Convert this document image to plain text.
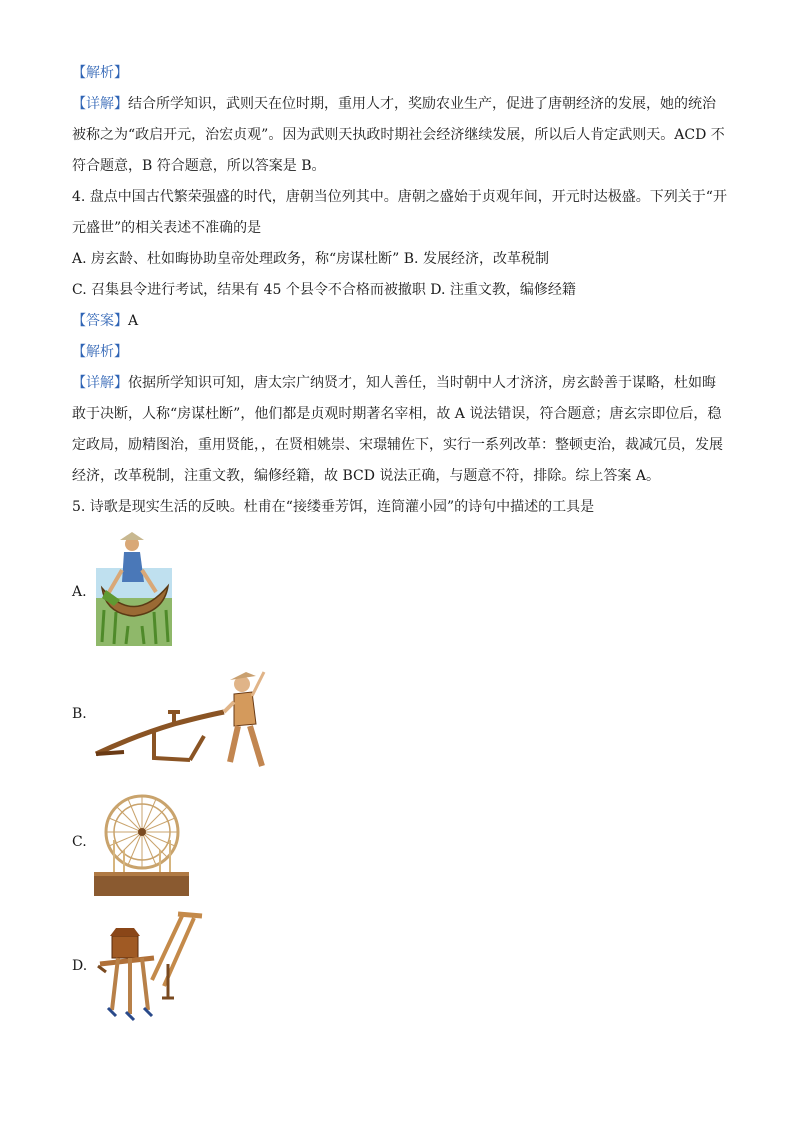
【解析】
【详解】结合所学知识，武则天在位时期，重用人才，奖励农业生产，促进了唐朝经济的发展，她的统治
被称之为“政启开元，治宏贞观”。因为武则天执政时期社会经济继续发展，所以后人肯定武则天。ACD 不
符合题意，B 符合题意，所以答案是 B。
4. 盘点中国古代繁荣强盛的时代，唐朝当位列其中。唐朝之盛始于贞观年间，开元时达极盛。下列关于“开
元盛世”的相关表述不准确的是
A. 房玄龄、杜如晦协助皇帝处理政务，称“房谋杜断” B. 发展经济，改革税制
C. 召集县令进行考试，结果有 45 个县令不合格而被撤职 D. 注重文教，编修经籍
【答案】A
【解析】
【详解】依据所学知识可知，唐太宗广纳贤才，知人善任，当时朝中人才济济，房玄龄善于谋略，杜如晦
敢于决断，人称“房谋杜断”，他们都是贞观时期著名宰相，故 A 说法错误，符合题意；唐玄宗即位后，稳
定政局，励精图治，重用贤能，，在贤相姚崇、宋璟辅佐下，实行一系列改革：整顿吏治，裁减冗员，发展
经济，改革税制，注重文教，编修经籍，故 BCD 说法正确，与题意不符，排除。综上答案 A。
5. 诗歌是现实生活的反映。杜甫在“接缕垂芳饵，连筒灌小园”的诗句中描述的工具是
A.
B.
C.
D.
